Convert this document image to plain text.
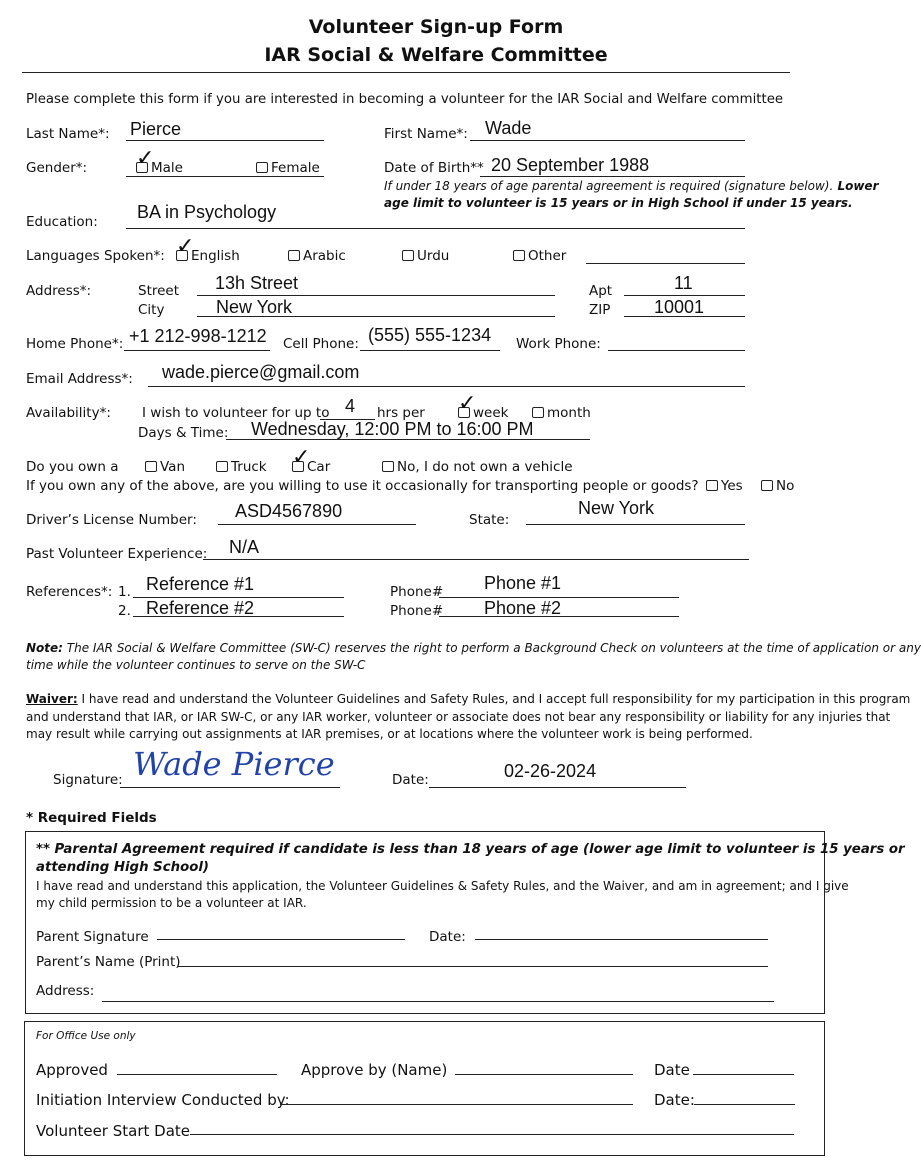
Volunteer Sign-up Form
IAR Social & Welfare Committee
Please complete this form if you are interested in becoming a volunteer for the IAR Social and Welfare committee
Last Name*: Pierce	First Name*: Wade
Gender*: ✓
Male	Female	Date of Birth** 20 September 1988
If under 18 years of age parental agreement is required (signature below). Lower
age limit to volunteer is 15 years or in High School if under 15 years.
Education: BA in Psychology
Languages Spoken*: ✓
English	Arabic	Urdu	Other
Address*:	Street 13h Street	Apt	11
City	New York	ZIP 10001
Home Phone*: +1 212-998-1212 Cell Phone: (555) 555-1234 Work Phone:
Email Address*: wade.pierce@gmail.com
Availability*: I wish to volunteer for up to 4 hrs per ✓
week	month
Days & Time: Wednesday, 12:00 PM to 16:00 PM
Do you own a	Van	Truck ✓
Car	No, I do not own a vehicle
If you own any of the above, are you willing to use it occasionally for transporting people or goods? Yes No
Driver’s License Number: ASD4567890	State:
New York
Past Volunteer Experience: N/A
References*: 1. Reference #1	Phone# Phone #1
2. Reference #2	Phone# Phone #2
Note: The IAR Social & Welfare Committee (SW-C) reserves the right to perform a Background Check on volunteers at the time of application or any
time while the volunteer continues to serve on the SW-C
Waiver: I have read and understand the Volunteer Guidelines and Safety Rules, and I accept full responsibility for my participation in this program
and understand that IAR, or IAR SW-C, or any IAR worker, volunteer or associate does not bear any responsibility or liability for any injuries that
may result while carrying out assignments at IAR premises, or at locations where the volunteer work is being performed.
Signature: Wade Pierce	Date:	02-26-2024
* Required Fields
** Parental Agreement required if candidate is less than 18 years of age (lower age limit to volunteer is 15 years or
attending High School)
I have read and understand this application, the Volunteer Guidelines & Safety Rules, and the Waiver, and am in agreement; and I give
my child permission to be a volunteer at IAR.
Parent Signature	Date:
Parent’s Name (Print)
Address:
For Office Use only
Approved	Approve by (Name)	Date
Initiation Interview Conducted by:	Date:
Volunteer Start Date
